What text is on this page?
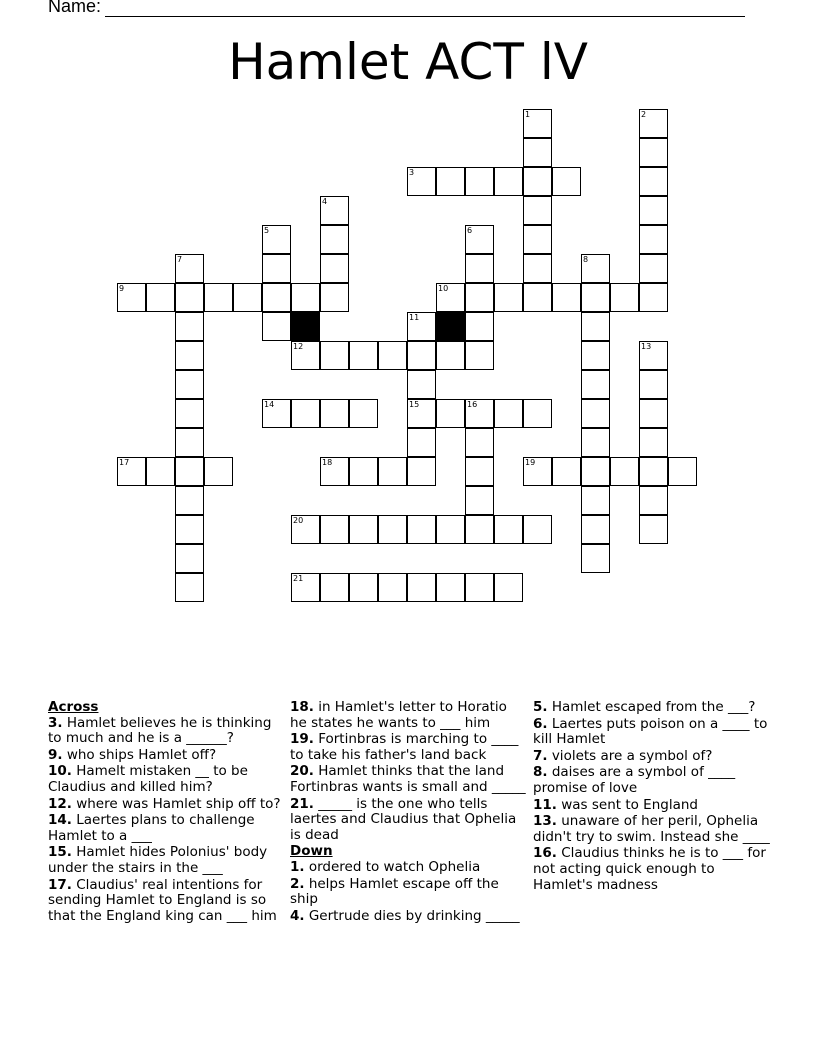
Name:
Hamlet ACT lV
3
9	10
12
14	15	16
17	18	19
20
21
1	2
4
5	6
7	8
11
13
Across
3. Hamlet believes he is thinking to much and he is a ______?
9. who ships Hamlet off?
10. Hamelt mistaken __ to be Claudius and killed him?
12. where was Hamlet ship off to?
14. Laertes plans to challenge Hamlet to a ___
15. Hamlet hides Polonius' body under the stairs in the ___
17. Claudius' real intentions for sending Hamlet to England is so that the England king can ___ him
18. in Hamlet's letter to Horatio he states he wants to ___ him
19. Fortinbras is marching to ____ to take his father's land back
20. Hamlet thinks that the land Fortinbras wants is small and _____
21. _____ is the one who tells laertes and Claudius that Ophelia is dead
Down
1. ordered to watch Ophelia
2. helps Hamlet escape off the ship
4. Gertrude dies by drinking _____
5. Hamlet escaped from the ___?
6. Laertes puts poison on a ____ to kill Hamlet
7. violets are a symbol of?
8. daises are a symbol of ____ promise of love
11. was sent to England
13. unaware of her peril, Ophelia didn't try to swim. Instead she ____
16. Claudius thinks he is to ___ for not acting quick enough to Hamlet's madness
